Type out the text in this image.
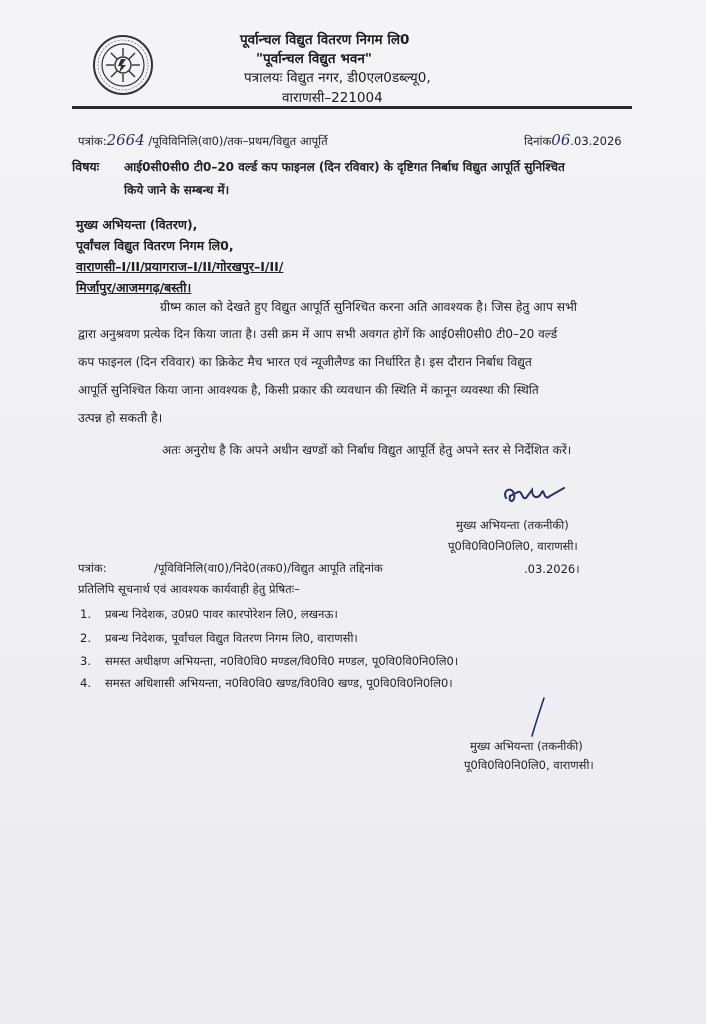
पूर्वान्चल विद्युत वितरण निगम लि0
"पूर्वान्चल विद्युत भवन"
पत्रालयः विद्युत नगर, डी0एल0डब्ल्यू0,
वाराणसी–221004
पत्रांक:2664 /पूविविनिलि(वा0)/तक–प्रथम/विद्युत आपूर्ति	दिनांक06.03.2026
विषयः आई0सी0सी0 टी0–20 वर्ल्ड कप फाइनल (दिन रविवार) के दृष्टिगत निर्बाध विद्युत आपूर्ति सुनिश्चित
किये जाने के सम्बन्ध में।
मुख्य अभियन्ता (वितरण),
पूर्वांचल विद्युत वितरण निगम लि0,
वाराणसी–I/II/प्रयागराज–I/II/गोरखपुर–I/II/
मिर्जापुर/आजमगढ़/बस्ती।
ग्रीष्म काल को देखते हुए विद्युत आपूर्ति सुनिश्चित करना अति आवश्यक है। जिस हेतु आप सभी
द्वारा अनुश्रवण प्रत्येक दिन किया जाता है। उसी क्रम में आप सभी अवगत होगें कि आई0सी0सी0 टी0–20 वर्ल्ड
कप फाइनल (दिन रविवार) का क्रिकेट मैच भारत एवं न्यूजीलैण्ड का निर्धारित है। इस दौरान निर्बाध विद्युत
आपूर्ति सुनिश्चित किया जाना आवश्यक है, किसी प्रकार की व्यवधान की स्थिति में कानून व्यवस्था की स्थिति
उत्पन्न हो सकती है।
अतः अनुरोध है कि अपने अधीन खण्डों को निर्बाध विद्युत आपूर्ति हेतु अपने स्तर से निर्देशित करें।
मुख्य अभियन्ता (तकनीकी)
पू0वि0वि0नि0लि0, वाराणसी।
पत्रांक:	/पूविविनिलि(वा0)/निदे0(तक0)/विद्युत आपूति तद्दिनांक	.03.2026।
प्रतिलिपि सूचनार्थ एवं आवश्यक कार्यवाही हेतु प्रेषितः–
1. प्रबन्ध निदेशक, उ0प्र0 पावर कारपोरेशन लि0, लखनऊ।
2. प्रबन्ध निदेशक, पूर्वांचल विद्युत वितरण निगम लि0, वाराणसी।
3. समस्त अधीक्षण अभियन्ता, न0वि0वि0 मण्डल/वि0वि0 मण्डल, पू0वि0वि0नि0लि0।
4. समस्त अधिशासी अभियन्ता, न0वि0वि0 खण्ड/वि0वि0 खण्ड, पू0वि0वि0नि0लि0।
मुख्य अभियन्ता (तकनीकी)
पू0वि0वि0नि0लि0, वाराणसी।
